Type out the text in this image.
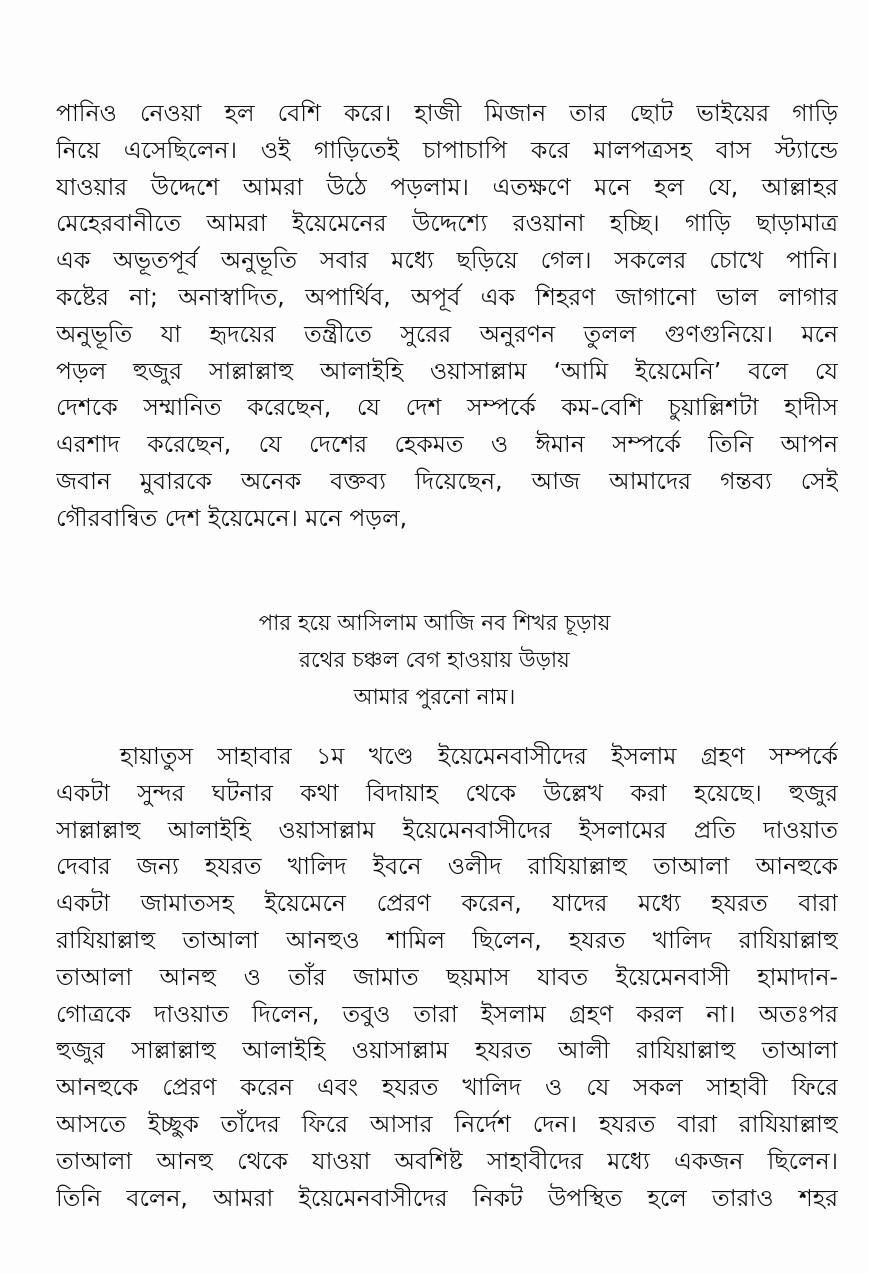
পানিও নেওয়া হল বেশি করে। হাজী মিজান তার ছোট ভাইয়ের গাড়ি
নিয়ে এসেছিলেন। ওই গাড়িতেই চাপাচাপি করে মালপত্রসহ বাস স্ট্যান্ডে
যাওয়ার উদ্দেশে আমরা উঠে পড়লাম। এতক্ষণে মনে হল যে, আল্লাহর
মেহেরবানীতে আমরা ইয়েমেনের উদ্দেশ্যে রওয়ানা হচ্ছি। গাড়ি ছাড়ামাত্র
এক অভূতপূর্ব অনুভূতি সবার মধ্যে ছড়িয়ে গেল। সকলের চোখে পানি।
কষ্টের না; অনাস্বাদিত, অপার্থিব, অপূর্ব এক শিহরণ জাগানো ভাল লাগার
অনুভূতি যা হৃদয়ের তন্ত্রীতে সুরের অনুরণন তুলল গুণগুনিয়ে। মনে
পড়ল হুজুর সাল্লাল্লাহু আলাইহি ওয়াসাল্লাম ‘আমি ইয়েমেনি’ বলে যে
দেশকে সম্মানিত করেছেন, যে দেশ সম্পর্কে কম-বেশি চুয়াল্লিশটা হাদীস
এরশাদ করেছেন, যে দেশের হেকমত ও ঈমান সম্পর্কে তিনি আপন
জবান মুবারকে অনেক বক্তব্য দিয়েছেন, আজ আমাদের গন্তব্য সেই
গৌরবান্বিত দেশ ইয়েমেনে। মনে পড়ল,
পার হয়ে আসিলাম আজি নব শিখর চূড়ায়
রথের চঞ্চল বেগ হাওয়ায় উড়ায়
আমার পুরনো নাম।
হায়াতুস সাহাবার ১ম খণ্ডে ইয়েমেনবাসীদের ইসলাম গ্রহণ সম্পর্কে
একটা সুন্দর ঘটনার কথা বিদায়াহ থেকে উল্লেখ করা হয়েছে। হুজুর
সাল্লাল্লাহু আলাইহি ওয়াসাল্লাম ইয়েমেনবাসীদের ইসলামের প্রতি দাওয়াত
দেবার জন্য হযরত খালিদ ইবনে ওলীদ রাযিয়াল্লাহু তাআলা আনহুকে
একটা জামাতসহ ইয়েমেনে প্রেরণ করেন, যাদের মধ্যে হযরত বারা
রাযিয়াল্লাহু তাআলা আনহুও শামিল ছিলেন, হযরত খালিদ রাযিয়াল্লাহু
তাআলা আনহু ও তাঁর জামাত ছয়মাস যাবত ইয়েমেনবাসী হামাদান-
গোত্রকে দাওয়াত দিলেন, তবুও তারা ইসলাম গ্রহণ করল না। অতঃপর
হুজুর সাল্লাল্লাহু আলাইহি ওয়াসাল্লাম হযরত আলী রাযিয়াল্লাহু তাআলা
আনহুকে প্রেরণ করেন এবং হযরত খালিদ ও যে সকল সাহাবী ফিরে
আসতে ইচ্ছুক তাঁদের ফিরে আসার নির্দেশ দেন। হযরত বারা রাযিয়াল্লাহু
তাআলা আনহু থেকে যাওয়া অবশিষ্ট সাহাবীদের মধ্যে একজন ছিলেন।
তিনি বলেন, আমরা ইয়েমেনবাসীদের নিকট উপস্থিত হলে তারাও শহর
